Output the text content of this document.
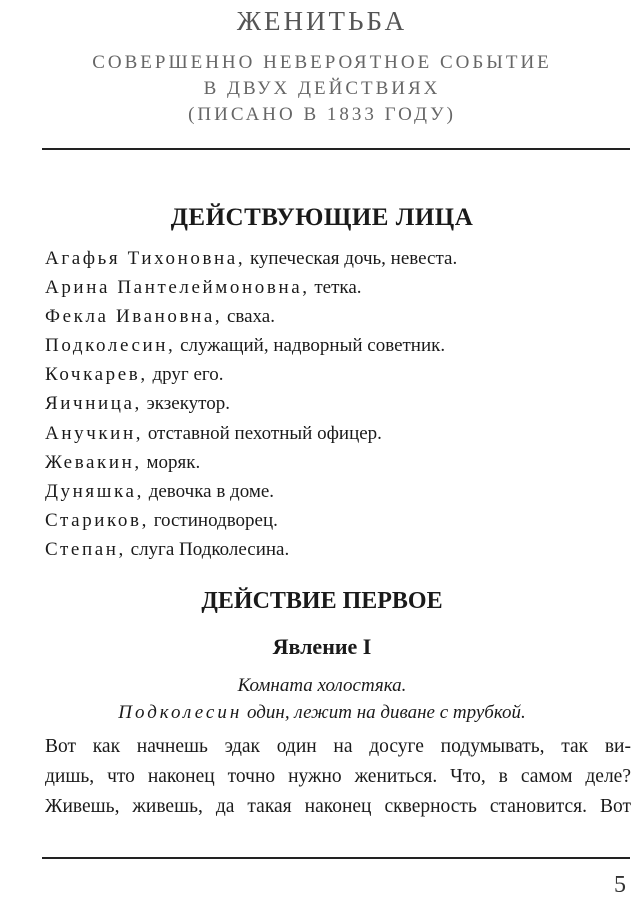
ЖЕНИТЬБА
СОВЕРШЕННО НЕВЕРОЯТНОЕ СОБЫТИЕ
В ДВУХ ДЕЙСТВИЯХ
(ПИСАНО В 1833 ГОДУ)
ДЕЙСТВУЮЩИЕ ЛИЦА
Агафья Тихоновна, купеческая дочь, невеста.
Арина Пантелеймоновна, тетка.
Фекла Ивановна, сваха.
Подколесин, служащий, надворный советник.
Кочкарев, друг его.
Яичница, экзекутор.
Анучкин, отставной пехотный офицер.
Жевакин, моряк.
Дуняшка, девочка в доме.
Стариков, гостинодворец.
Степан, слуга Подколесина.
ДЕЙСТВИЕ ПЕРВОЕ
Явление I
Комната холостяка.
Подколесин один, лежит на диване с трубкой.
Вот как начнешь эдак один на досуге подумывать, так ви-
дишь, что наконец точно нужно жениться. Что, в самом деле?
Живешь, живешь, да такая наконец скверность становится. Вот
5
